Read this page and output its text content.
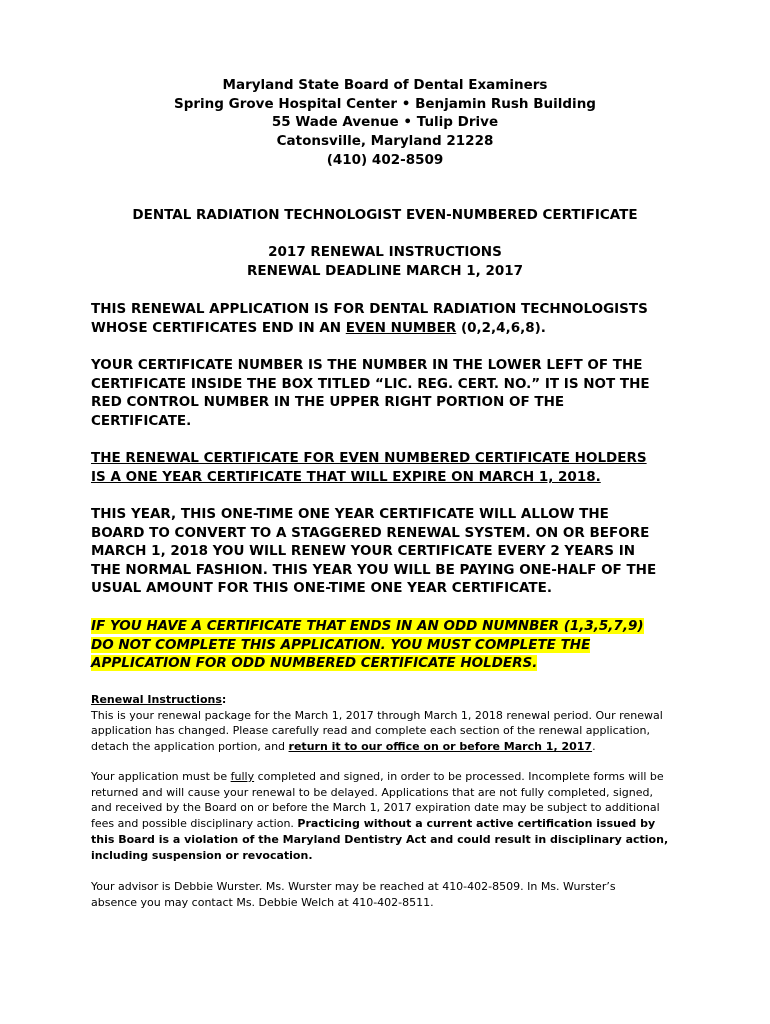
Maryland State Board of Dental Examiners
Spring Grove Hospital Center • Benjamin Rush Building
55 Wade Avenue • Tulip Drive
Catonsville, Maryland 21228
(410) 402-8509
DENTAL RADIATION TECHNOLOGIST EVEN-NUMBERED CERTIFICATE
2017 RENEWAL INSTRUCTIONS
RENEWAL DEADLINE MARCH 1, 2017
THIS RENEWAL APPLICATION IS FOR DENTAL RADIATION TECHNOLOGISTS
WHOSE CERTIFICATES END IN AN EVEN NUMBER (0,2,4,6,8).
YOUR CERTIFICATE NUMBER IS THE NUMBER IN THE LOWER LEFT OF THE
CERTIFICATE INSIDE THE BOX TITLED “LIC. REG. CERT. NO.” IT IS NOT THE
RED CONTROL NUMBER IN THE UPPER RIGHT PORTION OF THE
CERTIFICATE.
THE RENEWAL CERTIFICATE FOR EVEN NUMBERED CERTIFICATE HOLDERS
IS A ONE YEAR CERTIFICATE THAT WILL EXPIRE ON MARCH 1, 2018.
THIS YEAR, THIS ONE-TIME ONE YEAR CERTIFICATE WILL ALLOW THE
BOARD TO CONVERT TO A STAGGERED RENEWAL SYSTEM. ON OR BEFORE
MARCH 1, 2018 YOU WILL RENEW YOUR CERTIFICATE EVERY 2 YEARS IN
THE NORMAL FASHION. THIS YEAR YOU WILL BE PAYING ONE-HALF OF THE
USUAL AMOUNT FOR THIS ONE-TIME ONE YEAR CERTIFICATE.
IF YOU HAVE A CERTIFICATE THAT ENDS IN AN ODD NUMNBER (1,3,5,7,9)
DO NOT COMPLETE THIS APPLICATION. YOU MUST COMPLETE THE
APPLICATION FOR ODD NUMBERED CERTIFICATE HOLDERS.
Renewal Instructions:
This is your renewal package for the March 1, 2017 through March 1, 2018 renewal period. Our renewal
application has changed. Please carefully read and complete each section of the renewal application,
detach the application portion, and return it to our office on or before March 1, 2017.
Your application must be fully completed and signed, in order to be processed. Incomplete forms will be
returned and will cause your renewal to be delayed. Applications that are not fully completed, signed,
and received by the Board on or before the March 1, 2017 expiration date may be subject to additional
fees and possible disciplinary action. Practicing without a current active certification issued by
this Board is a violation of the Maryland Dentistry Act and could result in disciplinary action,
including suspension or revocation.
Your advisor is Debbie Wurster. Ms. Wurster may be reached at 410-402-8509. In Ms. Wurster’s
absence you may contact Ms. Debbie Welch at 410-402-8511.
